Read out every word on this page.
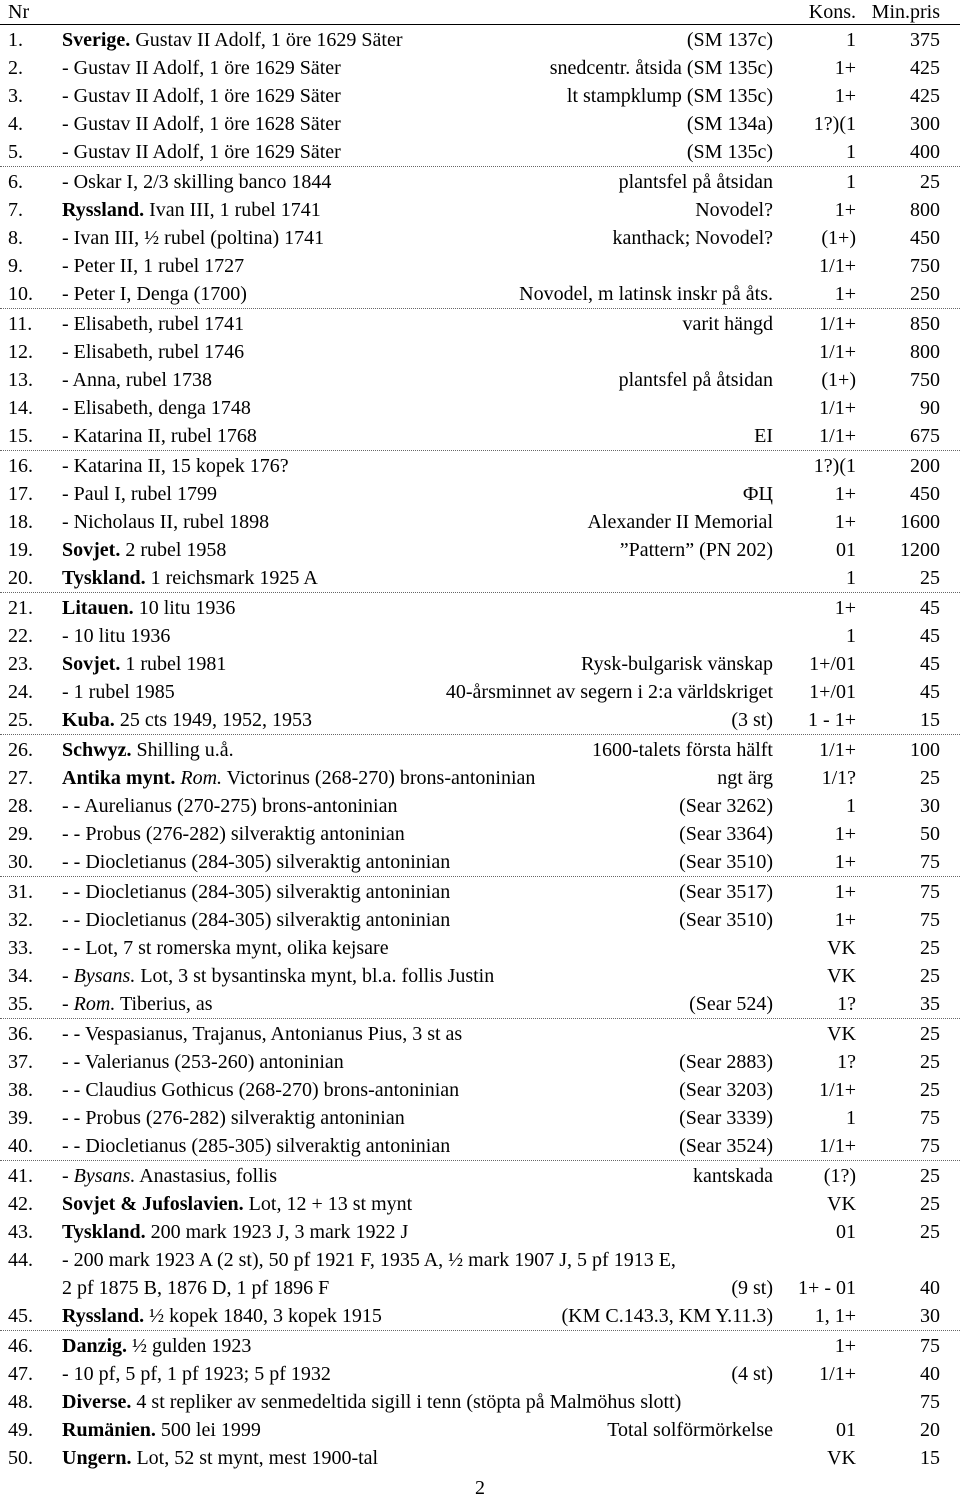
Nr	Kons. Min.pris
1. Sverige. Gustav II Adolf, 1 öre 1629 Säter	(SM 137c)	1	375
2. - Gustav II Adolf, 1 öre 1629 Säter	snedcentr. åtsida (SM 135c)	1+	425
3. - Gustav II Adolf, 1 öre 1629 Säter	lt stampklump (SM 135c)	1+	425
4. - Gustav II Adolf, 1 öre 1628 Säter	(SM 134a) 1?)(1	300
5. - Gustav II Adolf, 1 öre 1629 Säter	(SM 135c)	1	400
6. - Oskar I, 2/3 skilling banco 1844	plantsfel på åtsidan	1	25
7. Ryssland. Ivan III, 1 rubel 1741	Novodel?	1+	800
8. - Ivan III, ½ rubel (poltina) 1741	kanthack; Novodel? (1+)	450
9. - Peter II, 1 rubel 1727	1/1+	750
10. - Peter I, Denga (1700)	Novodel, m latinsk inskr på åts.	1+	250
11. - Elisabeth, rubel 1741	varit hängd 1/1+	850
12. - Elisabeth, rubel 1746	1/1+	800
13. - Anna, rubel 1738	plantsfel på åtsidan (1+)	750
14. - Elisabeth, denga 1748	1/1+	90
15. - Katarina II, rubel 1768	EI 1/1+	675
16. - Katarina II, 15 kopek 176?	1?)(1	200
17. - Paul I, rubel 1799	ФЦ	1+	450
18. - Nicholaus II, rubel 1898	Alexander II Memorial	1+ 1600
19. Sovjet. 2 rubel 1958	”Pattern” (PN 202)	01 1200
20. Tyskland. 1 reichsmark 1925 A	1	25
21. Litauen. 10 litu 1936	1+	45
22. - 10 litu 1936	1	45
23. Sovjet. 1 rubel 1981	Rysk-bulgarisk vänskap 1+/01	45
24. - 1 rubel 1985	40-årsminnet av segern i 2:a världskriget 1+/01	45
25. Kuba. 25 cts 1949, 1952, 1953	(3 st) 1 - 1+	15
26. Schwyz. Shilling u.å.	1600-talets första hälft 1/1+	100
27. Antika mynt. Rom. Victorinus (268-270) brons-antoninian	ngt ärg 1/1?	25
28. - - Aurelianus (270-275) brons-antoninian	(Sear 3262)	1	30
29. - - Probus (276-282) silveraktig antoninian	(Sear 3364)	1+	50
30. - - Diocletianus (284-305) silveraktig antoninian	(Sear 3510)	1+	75
31. - - Diocletianus (284-305) silveraktig antoninian	(Sear 3517)	1+	75
32. - - Diocletianus (284-305) silveraktig antoninian	(Sear 3510)	1+	75
33. - - Lot, 7 st romerska mynt, olika kejsare	VK	25
34. - Bysans. Lot, 3 st bysantinska mynt, bl.a. follis Justin	VK	25
35. - Rom. Tiberius, as	(Sear 524)	1?	35
36. - - Vespasianus, Trajanus, Antonianus Pius, 3 st as	VK	25
37. - - Valerianus (253-260) antoninian	(Sear 2883)	1?	25
38. - - Claudius Gothicus (268-270) brons-antoninian	(Sear 3203) 1/1+	25
39. - - Probus (276-282) silveraktig antoninian	(Sear 3339)	1	75
40. - - Diocletianus (285-305) silveraktig antoninian	(Sear 3524) 1/1+	75
41. - Bysans. Anastasius, follis	kantskada	(1?)	25
42. Sovjet & Jufoslavien. Lot, 12 + 13 st mynt	VK	25
43. Tyskland. 200 mark 1923 J, 3 mark 1922 J	01	25
44. - 200 mark 1923 A (2 st), 50 pf 1921 F, 1935 A, ½ mark 1907 J, 5 pf 1913 E,
2 pf 1875 B, 1876 D, 1 pf 1896 F	(9 st) 1+ - 01	40
45. Ryssland. ½ kopek 1840, 3 kopek 1915	(KM C.143.3, KM Y.11.3) 1, 1+	30
46. Danzig. ½ gulden 1923	1+	75
47. - 10 pf, 5 pf, 1 pf 1923; 5 pf 1932	(4 st) 1/1+	40
48. Diverse. 4 st repliker av senmedeltida sigill i tenn (stöpta på Malmöhus slott)	75
49. Rumänien. 500 lei 1999	Total solförmörkelse	01	20
50. Ungern. Lot, 52 st mynt, mest 1900-tal	VK	15
2
